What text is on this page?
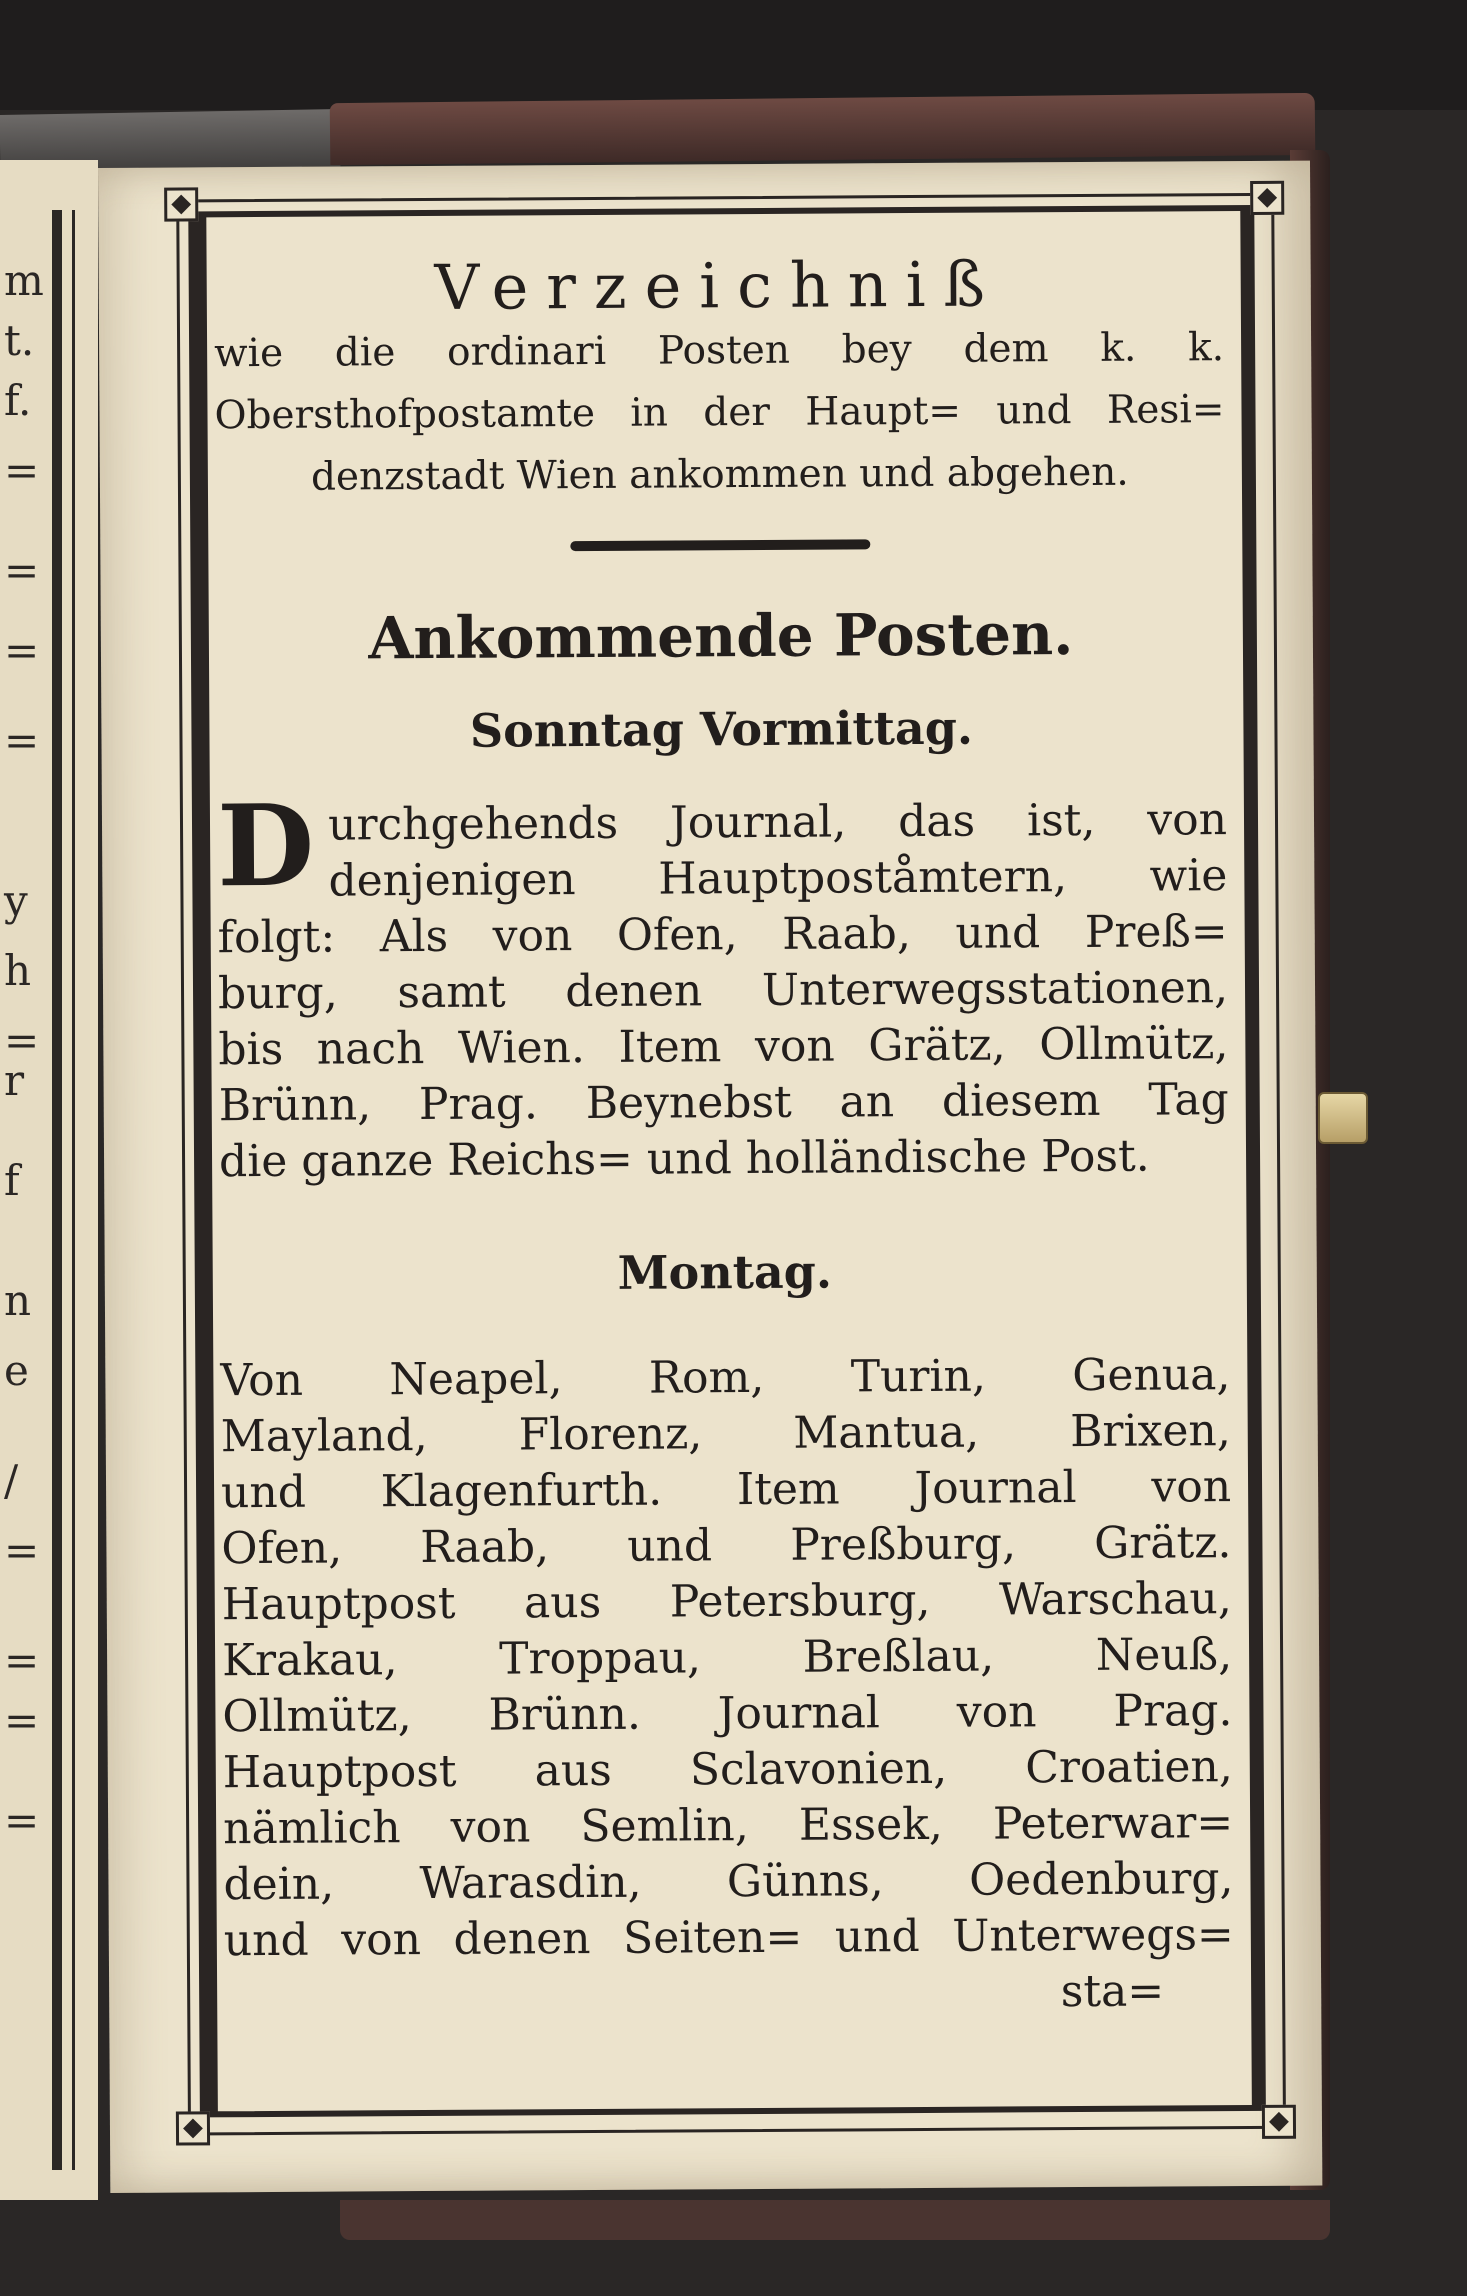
m
t.
f.
=
=
=
=
y
h
=
r
f
n
e
/
=
=
=
=
Verzeichniß
wie die ordinari Posten bey dem k. k.
Obersthofpostamte in der Haupt= und Resi=
denzstadt Wien ankommen und abgehen.
Ankommende Posten.
Sonntag Vormittag.
D urchgehends Journal, das ist, von
denjenigen Hauptpoståmtern, wie
folgt: Als von Ofen, Raab, und Preß=
burg, samt denen Unterwegsstationen,
bis nach Wien. Item von Grätz, Ollmütz,
Brünn, Prag. Beynebst an diesem Tag
die ganze Reichs= und holländische Post.
Montag.
Von Neapel, Rom, Turin, Genua,
Mayland, Florenz, Mantua, Brixen,
und Klagenfurth. Item Journal von
Ofen, Raab, und Preßburg, Grätz.
Hauptpost aus Petersburg, Warschau,
Krakau, Troppau, Breßlau, Neuß,
Ollmütz, Brünn. Journal von Prag.
Hauptpost aus Sclavonien, Croatien,
nämlich von Semlin, Essek, Peterwar=
dein, Warasdin, Günns, Oedenburg,
und von denen Seiten= und Unterwegs=
sta=
